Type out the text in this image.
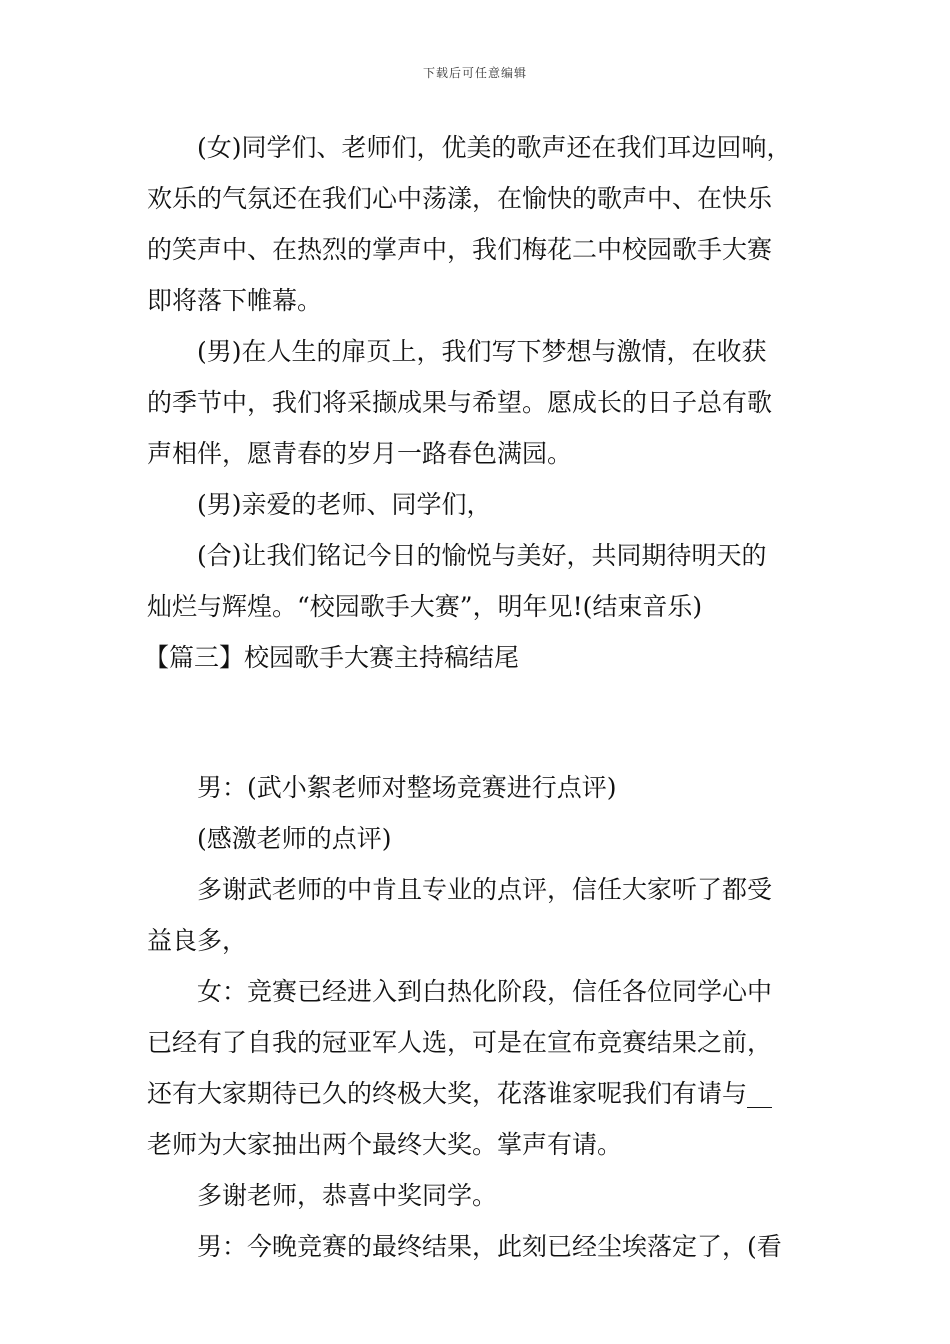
下载后可任意编辑

(女)同学们、老师们，优美的歌声还在我们耳边回响，

欢乐的气氛还在我们心中荡漾，在愉快的歌声中、在快乐

的笑声中、在热烈的掌声中，我们梅花二中校园歌手大赛

即将落下帷幕。

(男)在人生的扉页上，我们写下梦想与激情，在收获

的季节中，我们将采撷成果与希望。愿成长的日子总有歌

声相伴，愿青春的岁月一路春色满园。

(男)亲爱的老师、同学们，

(合)让我们铭记今日的愉悦与美好，共同期待明天的

灿烂与辉煌。“校园歌手大赛”，明年见!(结束音乐)

【篇三】校园歌手大赛主持稿结尾

男：(武小絮老师对整场竞赛进行点评)

(感激老师的点评)

多谢武老师的中肯且专业的点评，信任大家听了都受

益良多，

女：竞赛已经进入到白热化阶段，信任各位同学心中

已经有了自我的冠亚军人选，可是在宣布竞赛结果之前，

还有大家期待已久的终极大奖，花落谁家呢我们有请与__

老师为大家抽出两个最终大奖。掌声有请。

多谢老师，恭喜中奖同学。

男：今晚竞赛的最终结果，此刻已经尘埃落定了，(看
